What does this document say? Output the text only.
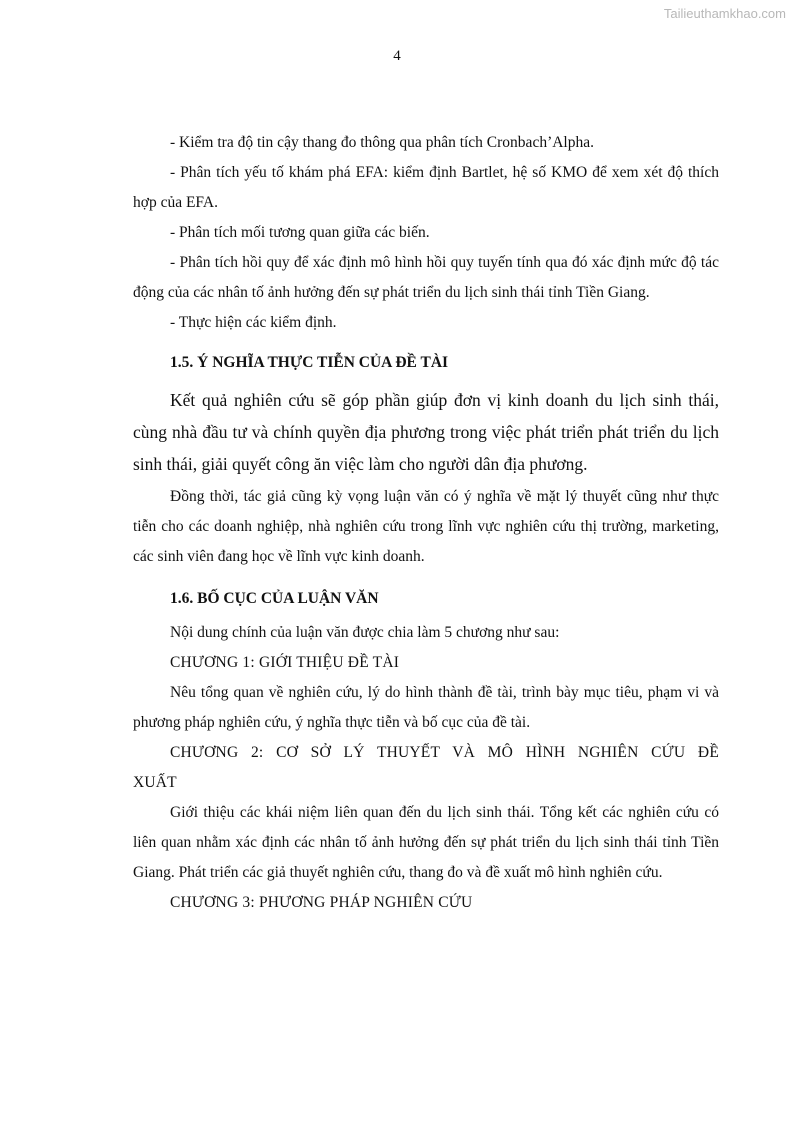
Tailieuthamkhao.com
4

- Kiểm tra độ tin cậy thang đo thông qua phân tích Cronbach’Alpha.

- Phân tích yếu tố khám phá EFA: kiểm định Bartlet, hệ số KMO để xem xét độ thích hợp của EFA.

- Phân tích mối tương quan giữa các biến.

- Phân tích hồi quy để xác định mô hình hồi quy tuyến tính qua đó xác định mức độ tác động của các nhân tố ảnh hưởng đến sự phát triển du lịch sinh thái tỉnh Tiền Giang.

- Thực hiện các kiểm định.

1.5. Ý NGHĨA THỰC TIỄN CỦA ĐỀ TÀI

Kết quả nghiên cứu sẽ góp phần giúp đơn vị kinh doanh du lịch sinh thái, cùng nhà đầu tư và chính quyền địa phương trong việc phát triển phát triển du lịch sinh thái, giải quyết công ăn việc làm cho người dân địa phương.

Đồng thời, tác giả cũng kỳ vọng luận văn có ý nghĩa về mặt lý thuyết cũng như thực tiễn cho các doanh nghiệp, nhà nghiên cứu trong lĩnh vực nghiên cứu thị trường, marketing, các sinh viên đang học về lĩnh vực kinh doanh.

1.6. BỐ CỤC CỦA LUẬN VĂN

Nội dung chính của luận văn được chia làm 5 chương như sau:

CHƯƠNG 1: GIỚI THIỆU ĐỀ TÀI

Nêu tổng quan về nghiên cứu, lý do hình thành đề tài, trình bày mục tiêu, phạm vi và phương pháp nghiên cứu, ý nghĩa thực tiễn và bố cục của đề tài.

CHƯƠNG 2: CƠ SỞ LÝ THUYẾT VÀ MÔ HÌNH NGHIÊN CỨU ĐỀ XUẤT

Giới thiệu các khái niệm liên quan đến du lịch sinh thái. Tổng kết các nghiên cứu có liên quan nhằm xác định các nhân tố ảnh hưởng đến sự phát triển du lịch sinh thái tỉnh Tiền Giang. Phát triển các giả thuyết nghiên cứu, thang đo và đề xuất mô hình nghiên cứu.

CHƯƠNG 3: PHƯƠNG PHÁP NGHIÊN CỨU
